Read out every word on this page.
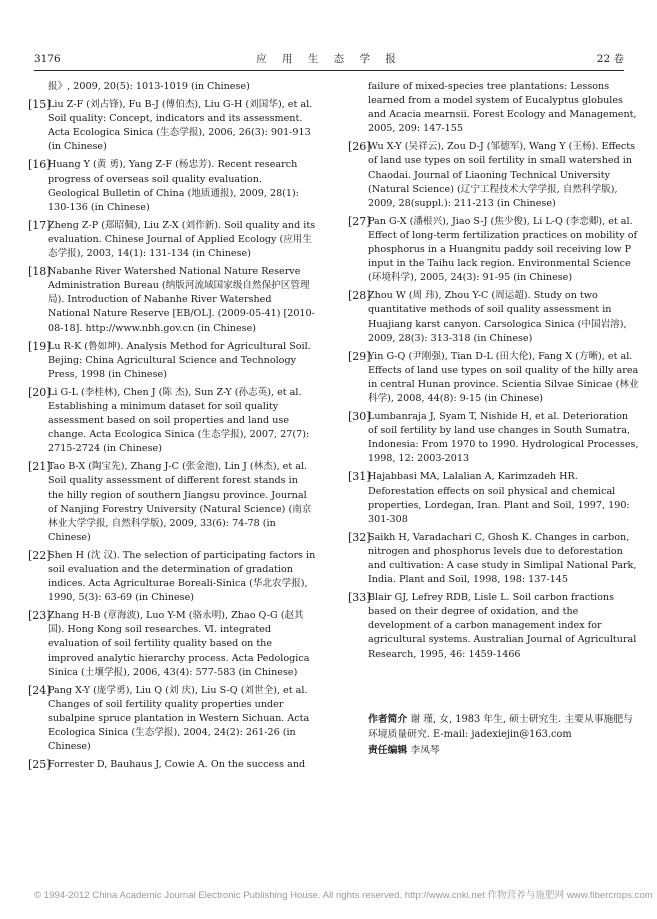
3176	应 用 生 态 学 报	22 卷
报》, 2009, 20(5): 1013-1019 (in Chinese)
[15]
Liu Z-F (刘占锋), Fu B-J (傅伯杰), Liu G-H (刘国华), et al. Soil quality: Concept, indicators and its assessment. Acta Ecologica Sinica (生态学报), 2006, 26(3): 901-913 (in Chinese)
[16]
Huang Y (黄 勇), Yang Z-F (杨忠芳). Recent research progress of overseas soil quality evaluation. Geological Bulletin of China (地质通报), 2009, 28(1): 130-136 (in Chinese)
[17]
Zheng Z-P (郑昭佩), Liu Z-X (刘作新). Soil quality and its evaluation. Chinese Journal of Applied Ecology (应用生态学报), 2003, 14(1): 131-134 (in Chinese)
[18]
Nabanhe River Watershed National Nature Reserve Administration Bureau (纳版河流域国家级自然保护区管理局). Introduction of Nabanhe River Watershed National Nature Reserve [EB/OL]. (2009-05-41) [2010-08-18]. http://www.nbh.gov.cn (in Chinese)
[19]
Lu R-K (鲁如坤). Analysis Method for Agricultural Soil. Bejing: China Agricultural Science and Technology Press, 1998 (in Chinese)
[20]
Li G-L (李桂林), Chen J (陈 杰), Sun Z-Y (孙志英), et al. Establishing a minimum dataset for soil quality assessment based on soil properties and land use change. Acta Ecologica Sinica (生态学报), 2007, 27(7): 2715-2724 (in Chinese)
[21]
Tao B-X (陶宝先), Zhang J-C (张金池), Lin J (林杰), et al. Soil quality assessment of different forest stands in the hilly region of southern Jiangsu province. Journal of Nanjing Forestry University (Natural Science) (南京林业大学学报, 自然科学版), 2009, 33(6): 74-78 (in Chinese)
[22]
Shen H (沈 汉). The selection of participating factors in soil evaluation and the determination of gradation indices. Acta Agriculturae Boreali-Sinica (华北农学报), 1990, 5(3): 63-69 (in Chinese)
[23]
Zhang H-B (章海波), Luo Y-M (骆永明), Zhao Q-G (赵其国). Hong Kong soil researches. Ⅵ. integrated evaluation of soil fertility quality based on the improved analytic hierarchy process. Acta Pedologica Sinica (土壤学报), 2006, 43(4): 577-583 (in Chinese)
[24]
Pang X-Y (庞学勇), Liu Q (刘 庆), Liu S-Q (刘世全), et al. Changes of soil fertility quality properties under subalpine spruce plantation in Western Sichuan. Acta Ecologica Sinica (生态学报), 2004, 24(2): 261-26 (in Chinese)
[25]
Forrester D, Bauhaus J, Cowie A. On the success and
failure of mixed-species tree plantations: Lessons learned from a model system of Eucalyptus globules and Acacia mearnsii. Forest Ecology and Management, 2005, 209: 147-155
[26]
Wu X-Y (吴祥云), Zou D-J (邹德军), Wang Y (王杨). Effects of land use types on soil fertility in small watershed in Chaodai. Journal of Liaoning Technical University (Natural Science) (辽宁工程技术大学学报, 自然科学版), 2009, 28(suppl.): 211-213 (in Chinese)
[27]
Pan G-X (潘根兴), Jiao S-J (焦少俊), Li L-Q (李恋卿), et al. Effect of long-term fertilization practices on mobility of phosphorus in a Huangnitu paddy soil receiving low P input in the Taihu lack region. Environmental Science (环境科学), 2005, 24(3): 91-95 (in Chinese)
[28]
Zhou W (周 玮), Zhou Y-C (周运超). Study on two quantitative methods of soil quality assessment in Huajiang karst canyon. Carsologica Sinica (中国岩溶), 2009, 28(3): 313-318 (in Chinese)
[29]
Yin G-Q (尹刚强), Tian D-L (田大伦), Fang X (方晰), et al. Effects of land use types on soil quality of the hilly area in central Hunan province. Scientia Silvae Sinicae (林业科学), 2008, 44(8): 9-15 (in Chinese)
[30]
Lumbanraja J, Syam T, Nishide H, et al. Deterioration of soil fertility by land use changes in South Sumatra, Indonesia: From 1970 to 1990. Hydrological Processes, 1998, 12: 2003-2013
[31]
Hajabbasi MA, Lalalian A, Karimzadeh HR. Deforestation effects on soil physical and chemical properties, Lordegan, Iran. Plant and Soil, 1997, 190: 301-308
[32]
Saikh H, Varadachari C, Ghosh K. Changes in carbon, nitrogen and phosphorus levels due to deforestation and cultivation: A case study in Simlipal National Park, India. Plant and Soil, 1998, 198: 137-145
[33]
Blair GJ, Lefrey RDB, Lisle L. Soil carbon fractions based on their degree of oxidation, and the development of a carbon management index for agricultural systems. Australian Journal of Agricultural Research, 1995, 46: 1459-1466
作者简介 谢 瑾, 女, 1983 年生, 硕士研究生. 主要从事施肥与环境质量研究. E-mail: jadexiejin@163.com
责任编辑 李凤琴
© 1994-2012 China Academic Journal Electronic Publishing House. All rights reserved. http://www.cnki.net 作物营养与施肥网 www.fibercrops.com
